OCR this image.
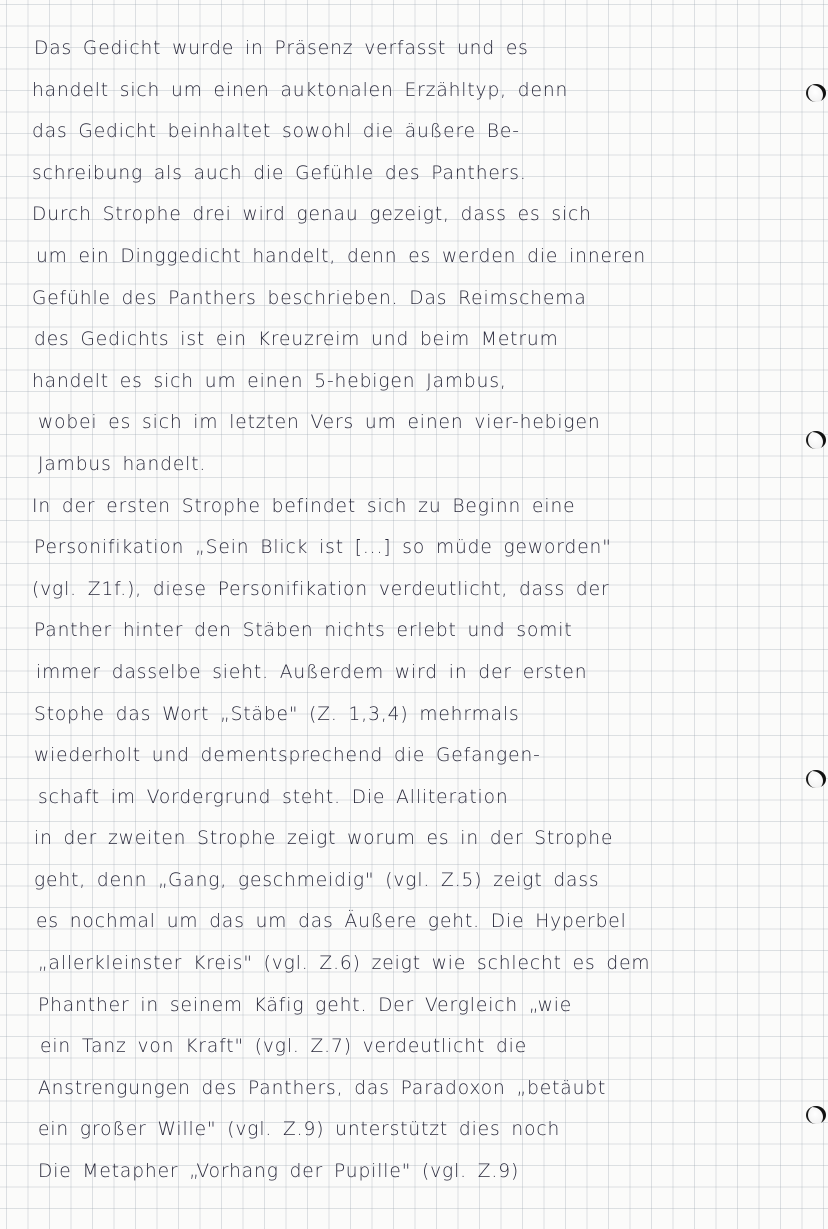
Das Gedicht wurde in Präsenz verfasst und es
handelt sich um einen auktonalen Erzähltyp, denn
das Gedicht beinhaltet sowohl die äußere Be-
schreibung als auch die Gefühle des Panthers.
Durch Strophe drei wird genau gezeigt, dass es sich
um ein Dinggedicht handelt, denn es werden die inneren
Gefühle des Panthers beschrieben. Das Reimschema
des Gedichts ist ein Kreuzreim und beim Metrum
handelt es sich um einen 5-hebigen Jambus,
wobei es sich im letzten Vers um einen vier-hebigen
Jambus handelt.
In der ersten Strophe befindet sich zu Beginn eine
Personifikation „Sein Blick ist [...] so müde geworden"
(vgl. Z1f.), diese Personifikation verdeutlicht, dass der
Panther hinter den Stäben nichts erlebt und somit
immer dasselbe sieht. Außerdem wird in der ersten
Stophe das Wort „Stäbe" (Z. 1,3,4) mehrmals
wiederholt und dementsprechend die Gefangen-
schaft im Vordergrund steht. Die Alliteration
in der zweiten Strophe zeigt worum es in der Strophe
geht, denn „Gang, geschmeidig" (vgl. Z.5) zeigt dass
es nochmal um das um das Äußere geht. Die Hyperbel
„allerkleinster Kreis" (vgl. Z.6) zeigt wie schlecht es dem
Phanther in seinem Käfig geht. Der Vergleich „wie
ein Tanz von Kraft" (vgl. Z.7) verdeutlicht die
Anstrengungen des Panthers, das Paradoxon „betäubt
ein großer Wille" (vgl. Z.9) unterstützt dies noch
Die Metapher „Vorhang der Pupille" (vgl. Z.9)
